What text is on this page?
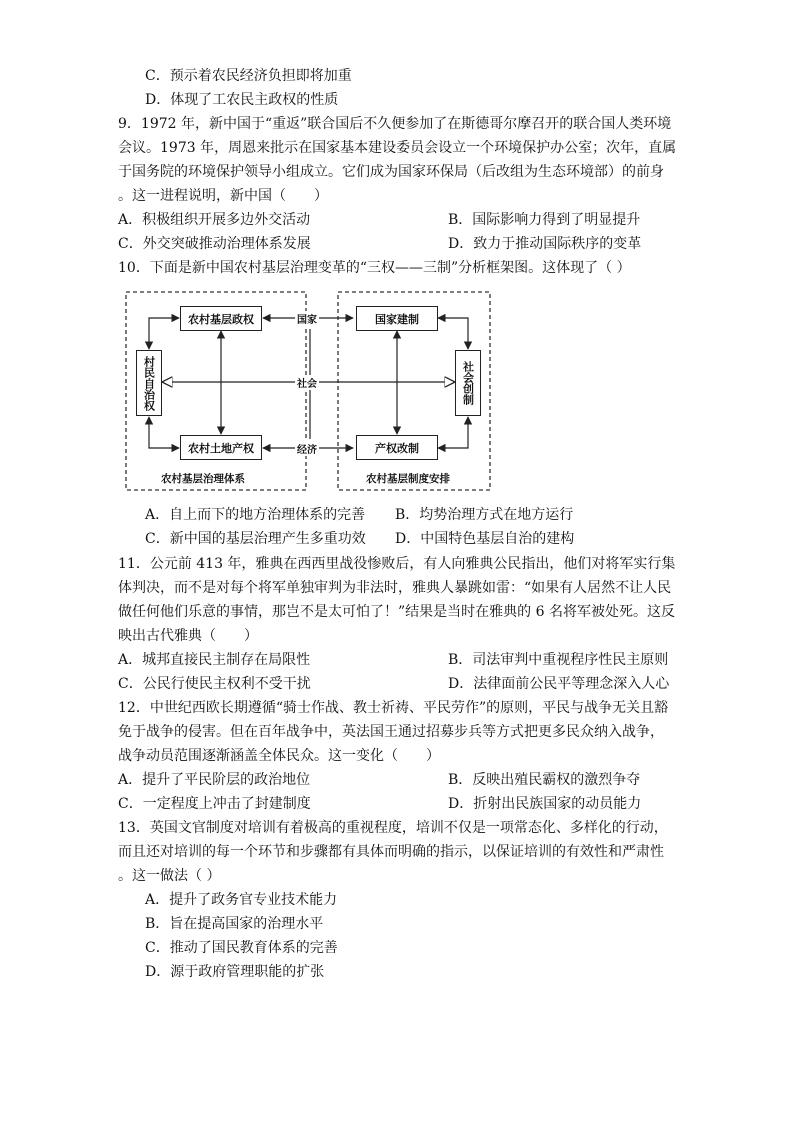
C．预示着农民经济负担即将加重
D．体现了工农民主政权的性质
9．1972 年，新中国于“重返”联合国后不久便参加了在斯德哥尔摩召开的联合国人类环境
会议。1973 年，周恩来批示在国家基本建设委员会设立一个环境保护办公室；次年，直属
于国务院的环境保护领导小组成立。它们成为国家环保局（后改组为生态环境部）的前身
。这一进程说明，新中国（　　）
A．积极组织开展多边外交活动	B．国际影响力得到了明显提升
C．外交突破推动治理体系发展	D．致力于推动国际秩序的变革
10．下面是新中国农村基层治理变革的“三权——三制”分析框架图。这体现了（ ）
农村基层政权
农村土地产权
村民自治权
国家建制
产权改制
社会创制
国家
社会
经济
农村基层治理体系	农村基层制度安排
A．自上而下的地方治理体系的完善 B．均势治理方式在地方运行
C．新中国的基层治理产生多重功效 D．中国特色基层自治的建构
11．公元前 413 年，雅典在西西里战役惨败后，有人向雅典公民指出，他们对将军实行集
体判决，而不是对每个将军单独审判为非法时，雅典人暴跳如雷：“如果有人居然不让人民
做任何他们乐意的事情，那岂不是太可怕了！”结果是当时在雅典的 6 名将军被处死。这反
映出古代雅典（　　）
A．城邦直接民主制存在局限性	B．司法审判中重视程序性民主原则
C．公民行使民主权利不受干扰	D．法律面前公民平等理念深入人心
12．中世纪西欧长期遵循“骑士作战、教士祈祷、平民劳作”的原则，平民与战争无关且豁
免于战争的侵害。但在百年战争中，英法国王通过招募步兵等方式把更多民众纳入战争，
战争动员范围逐渐涵盖全体民众。这一变化（　　）
A．提升了平民阶层的政治地位	B．反映出殖民霸权的激烈争夺
C．一定程度上冲击了封建制度	D．折射出民族国家的动员能力
13．英国文官制度对培训有着极高的重视程度，培训不仅是一项常态化、多样化的行动，
而且还对培训的每一个环节和步骤都有具体而明确的指示，以保证培训的有效性和严肃性
。这一做法（ ）
A．提升了政务官专业技术能力
B．旨在提高国家的治理水平
C．推动了国民教育体系的完善
D．源于政府管理职能的扩张
